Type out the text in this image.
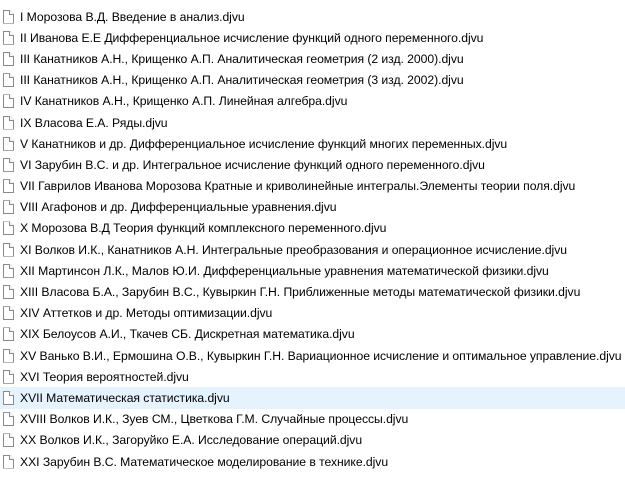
I Морозова В.Д. Введение в анализ.djvu
II Иванова Е.Е Дифференциальное исчисление функций одного переменного.djvu
III Канатников А.Н., Крищенко А.П. Аналитическая геометрия (2 изд. 2000).djvu
III Канатников А.Н., Крищенко А.П. Аналитическая геометрия (3 изд. 2002).djvu
IV Канатников А.Н., Крищенко А.П. Линейная алгебра.djvu
IX Власова Е.А. Ряды.djvu
V Канатников и др. Дифференциальное исчисление функций многих переменных.djvu
VI Зарубин В.С. и др. Интегральное исчисление функций одного переменного.djvu
VII Гаврилов Иванова Морозова Кратные и криволинейные интегралы.Элементы теории поля.djvu
VIII Агафонов и др. Дифференциальные уравнения.djvu
X Морозова В.Д Теория функций комплексного переменного.djvu
XI Волков И.К., Канатников А.Н. Интегральные преобразования и операционное исчисление.djvu
XII Мартинсон Л.К., Малов Ю.И. Дифференциальные уравнения математической физики.djvu
XIII Власова Б.А., Зарубин В.С., Кувыркин Г.Н. Приближенные методы математической физики.djvu
XIV Аттетков и др. Методы оптимизации.djvu
XIX Белоусов А.И., Ткачев СБ. Дискретная математика.djvu
XV Ванько В.И., Ермошина О.В., Кувыркин Г.Н. Вариационное исчисление и оптимальное управление.djvu
XVI Теория вероятностей.djvu
XVII Математическая статистика.djvu
XVIII Волков И.К., Зуев СМ., Цветкова Г.М. Случайные процессы.djvu
XX Волков И.К., Загоруйко Е.А. Исследование операций.djvu
XXI Зарубин В.С. Математическое моделирование в технике.djvu
